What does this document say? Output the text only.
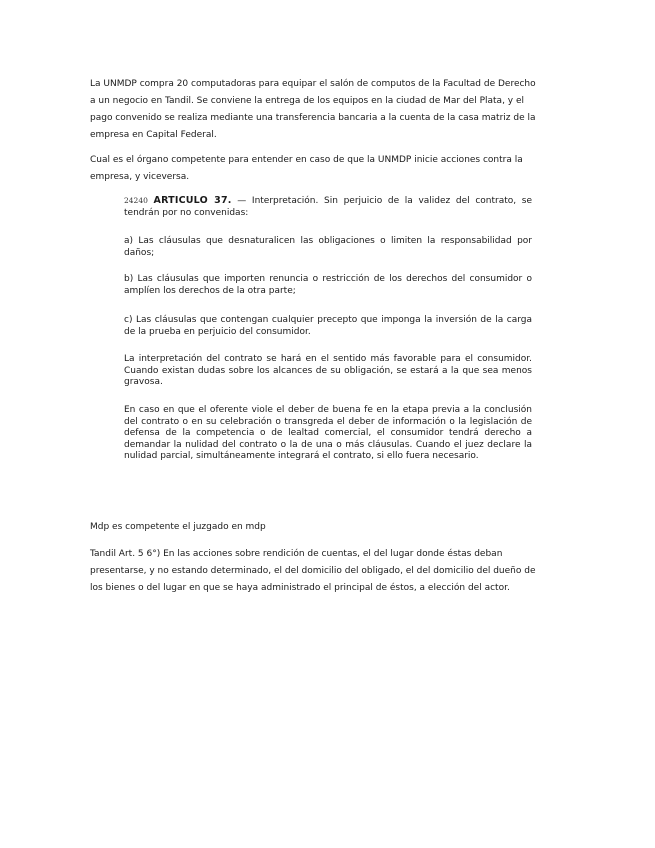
La UNMDP compra 20 computadoras para equipar el salón de computos de la Facultad de Derecho a un negocio en Tandil. Se conviene la entrega de los equipos en la ciudad de Mar del Plata, y el pago convenido se realiza mediante una transferencia bancaria a la cuenta de la casa matriz de la empresa en Capital Federal.

Cual es el órgano competente para entender en caso de que la UNMDP inicie acciones contra la empresa, y viceversa.

24240 ARTICULO 37. — Interpretación. Sin perjuicio de la validez del contrato, se tendrán por no convenidas:

a) Las cláusulas que desnaturalicen las obligaciones o limiten la responsabilidad por daños;

b) Las cláusulas que importen renuncia o restricción de los derechos del consumidor o amplíen los derechos de la otra parte;

c) Las cláusulas que contengan cualquier precepto que imponga la inversión de la carga de la prueba en perjuicio del consumidor.

La interpretación del contrato se hará en el sentido más favorable para el consumidor. Cuando existan dudas sobre los alcances de su obligación, se estará a la que sea menos gravosa.

En caso en que el oferente viole el deber de buena fe en la etapa previa a la conclusión del contrato o en su celebración o transgreda el deber de información o la legislación de defensa de la competencia o de lealtad comercial, el consumidor tendrá derecho a demandar la nulidad del contrato o la de una o más cláusulas. Cuando el juez declare la nulidad parcial, simultáneamente integrará el contrato, si ello fuera necesario.

Mdp es competente el juzgado en mdp

Tandil Art. 5 6°) En las acciones sobre rendición de cuentas, el del lugar donde éstas deban presentarse, y no estando determinado, el del domicilio del obligado, el del domicilio del dueño de los bienes o del lugar en que se haya administrado el principal de éstos, a elección del actor.
